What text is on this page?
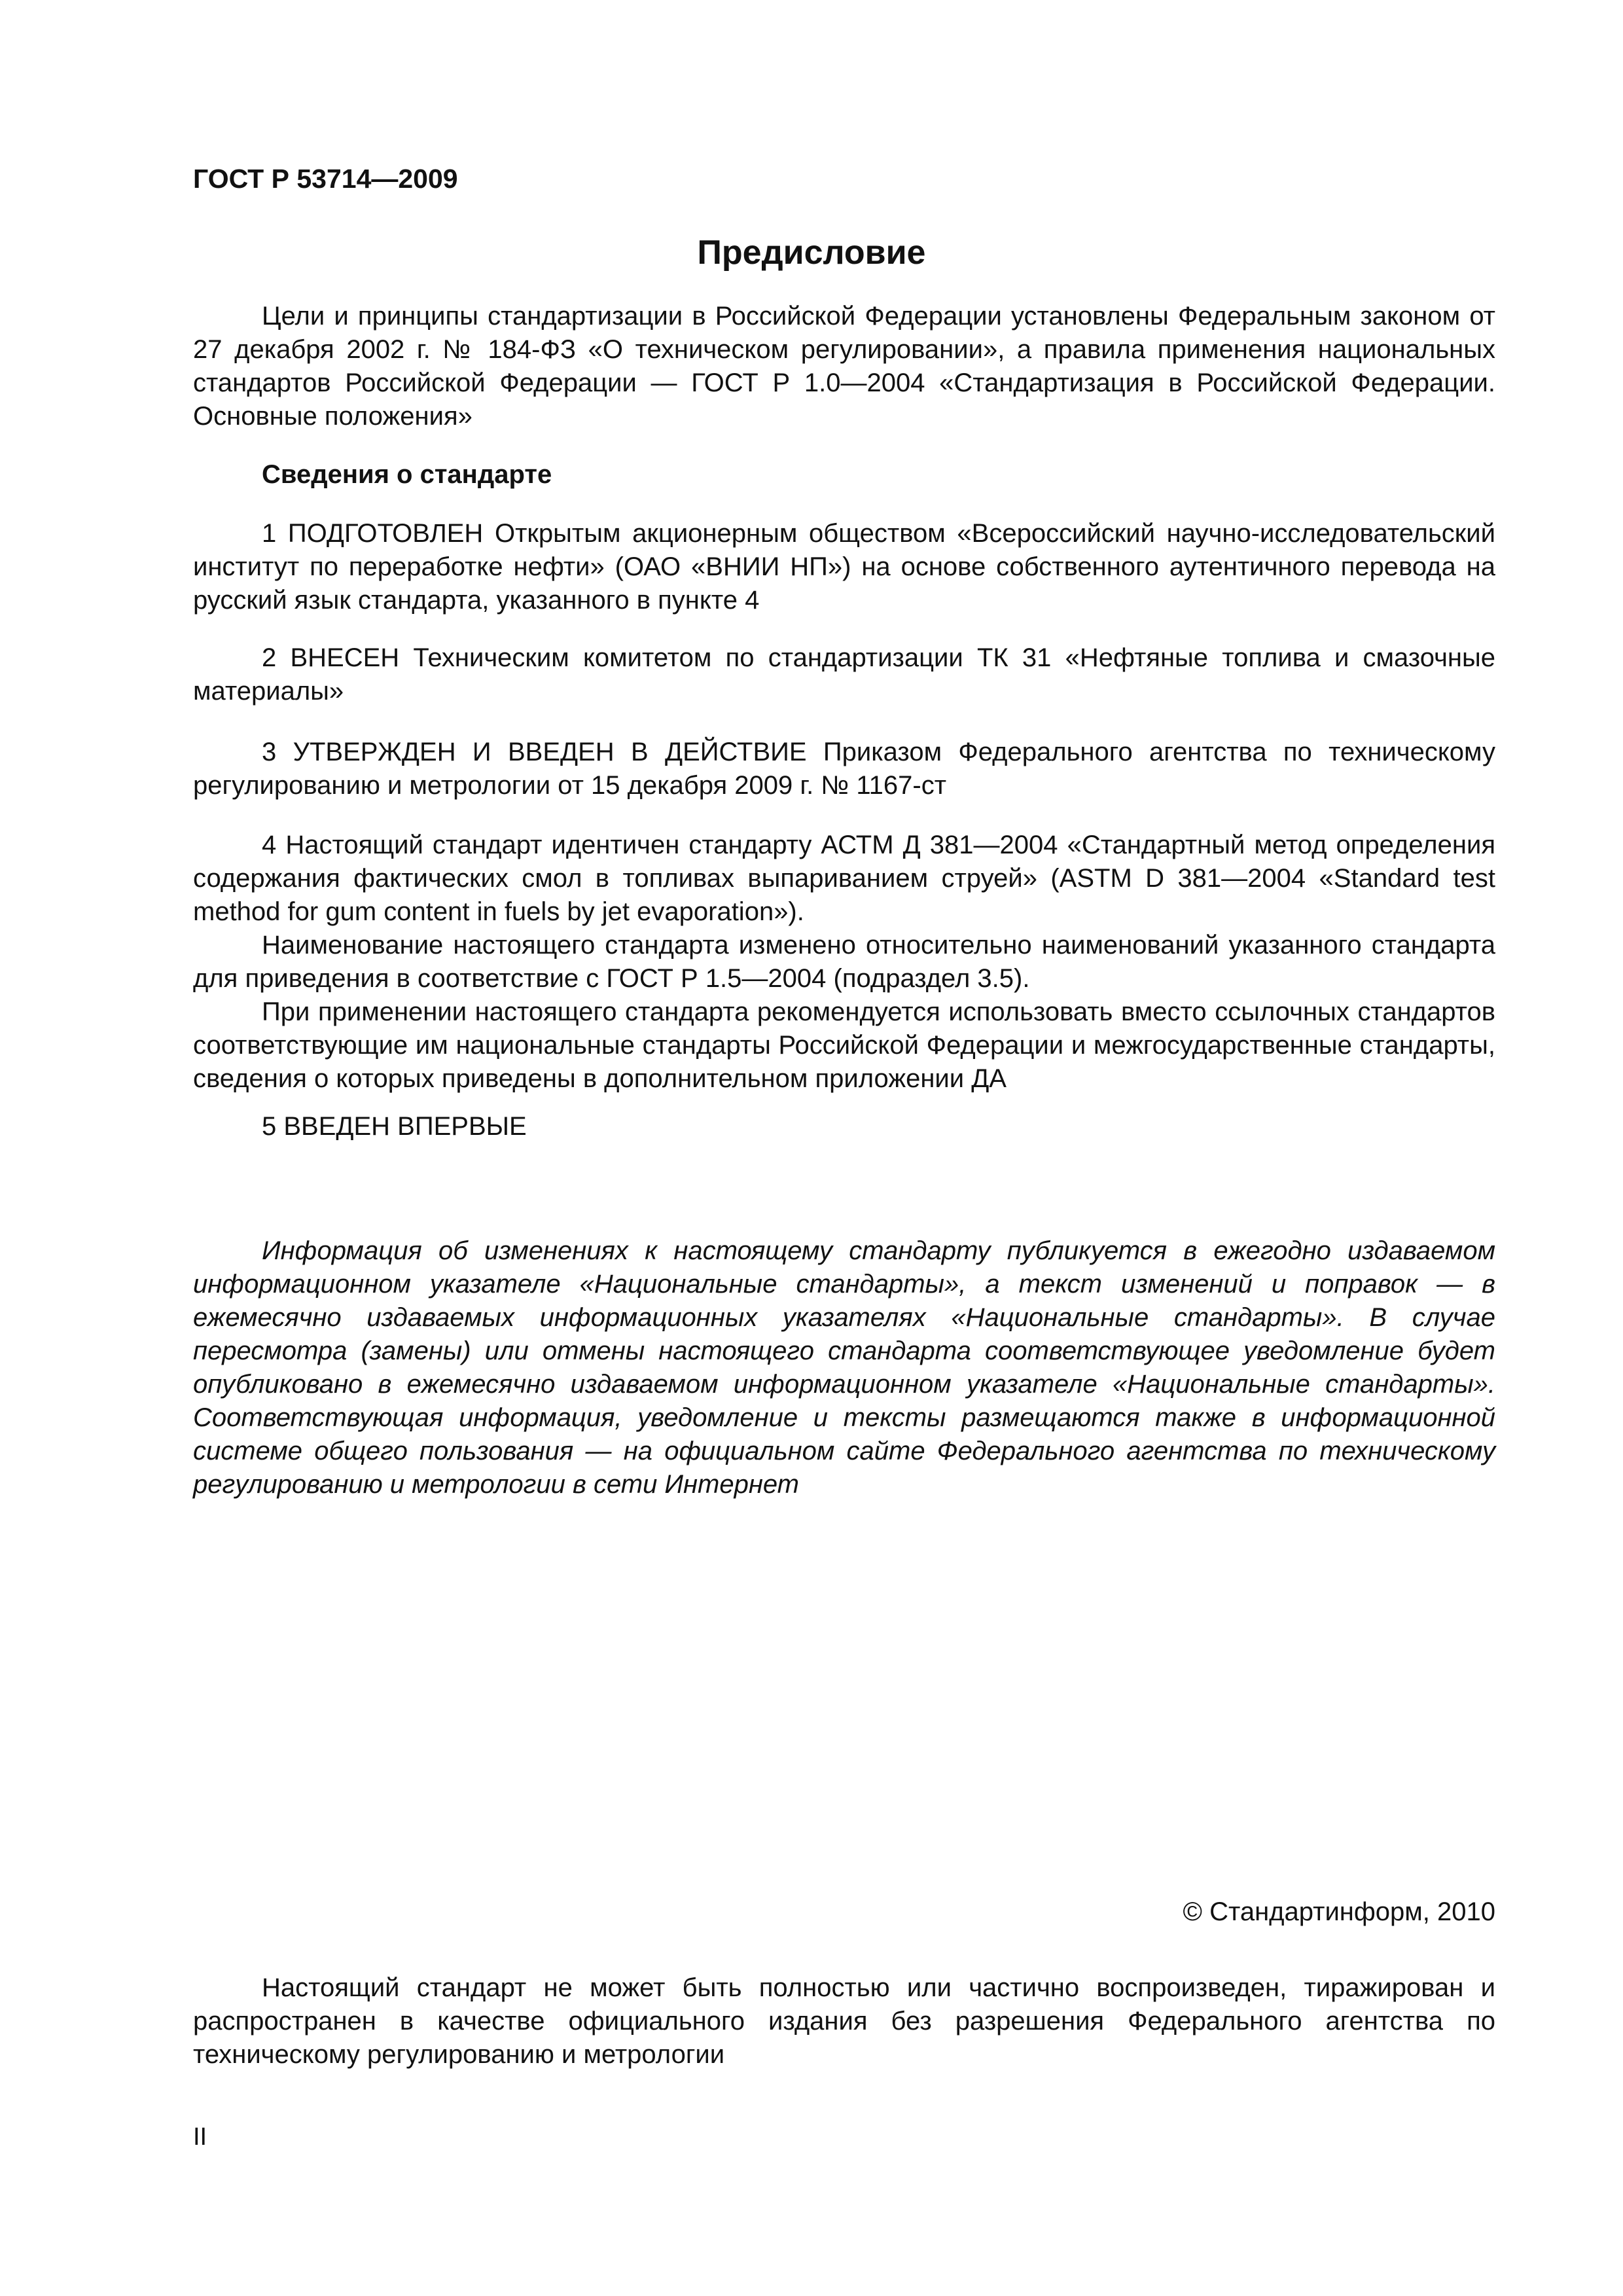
ГОСТ Р 53714—2009
Предисловие

Цели и принципы стандартизации в Российской Федерации установлены Федеральным законом от 27 декабря 2002 г. № 184-ФЗ «О техническом регулировании», а правила применения национальных стандартов Российской Федерации — ГОСТ Р 1.0—2004 «Стандартизация в Российской Федерации. Основные положения»

Сведения о стандарте

1 ПОДГОТОВЛЕН Открытым акционерным обществом «Всероссийский научно-исследовательский институт по переработке нефти» (ОАО «ВНИИ НП») на основе собственного аутентичного перевода на русский язык стандарта, указанного в пункте 4

2 ВНЕСЕН Техническим комитетом по стандартизации ТК 31 «Нефтяные топлива и смазочные материалы»

3 УТВЕРЖДЕН И ВВЕДЕН В ДЕЙСТВИЕ Приказом Федерального агентства по техническому регулированию и метрологии от 15 декабря 2009 г. № 1167-ст

4 Настоящий стандарт идентичен стандарту АСТМ Д 381—2004 «Стандартный метод определения содержания фактических смол в топливах выпариванием струей» (ASTM D 381—2004 «Standard test method for gum content in fuels by jet evaporation»).

Наименование настоящего стандарта изменено относительно наименований указанного стандарта для приведения в соответствие с ГОСТ Р 1.5—2004 (подраздел 3.5).

При применении настоящего стандарта рекомендуется использовать вместо ссылочных стандартов соответствующие им национальные стандарты Российской Федерации и межгосударственные стандарты, сведения о которых приведены в дополнительном приложении ДА

5 ВВЕДЕН ВПЕРВЫЕ

Информация об изменениях к настоящему стандарту публикуется в ежегодно издаваемом информационном указателе «Национальные стандарты», а текст изменений и поправок — в ежемесячно издаваемых информационных указателях «Национальные стандарты». В случае пересмотра (замены) или отмены настоящего стандарта соответствующее уведомление будет опубликовано в ежемесячно издаваемом информационном указателе «Национальные стандарты». Соответствующая информация, уведомление и тексты размещаются также в информационной системе общего пользования — на официальном сайте Федерального агентства по техническому регулированию и метрологии в сети Интернет

© Стандартинформ, 2010

Настоящий стандарт не может быть полностью или частично воспроизведен, тиражирован и распространен в качестве официального издания без разрешения Федерального агентства по техническому регулированию и метрологии

II
